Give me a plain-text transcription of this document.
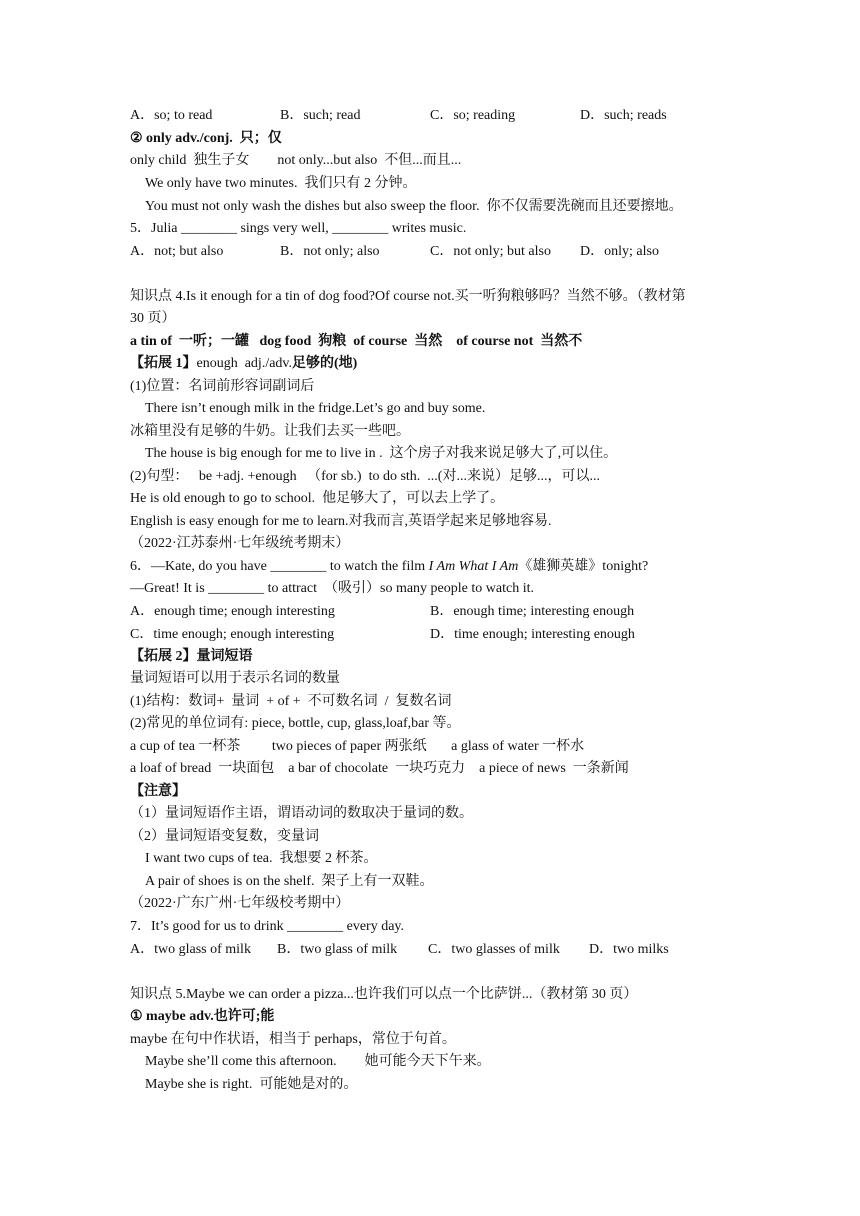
A．so; to read	B．such; read	C．so; reading	D．such; reads
② only adv./conj.  只；仅
only child  独生子女        not only...but also  不但...而且...
We only have two minutes.  我们只有 2 分钟。
You must not only wash the dishes but also sweep the floor.  你不仅需要洗碗而且还要擦地。
5．Julia ________ sings very well, ________ writes music.
A．not; but also	B．not only; also	C．not only; but also D．only; also
知识点 4.Is it enough for a tin of dog food?Of course not.买一听狗粮够吗？当然不够。（教材第
30 页）
a tin of  一听；一罐   dog food  狗粮  of course  当然    of course not  当然不
【拓展 1】enough  adj./adv.足够的(地)
(1)位置：名词前形容词副词后
There isn’t enough milk in the fridge.Let’s go and buy some.
冰箱里没有足够的牛奶。让我们去买一些吧。
The house is big enough for me to live in .  这个房子对我来说足够大了,可以住。
(2)句型：   be +adj. +enough   （for sb.)  to do sth.  ...(对...来说）足够...，可以...
He is old enough to go to school.  他足够大了，可以去上学了。
English is easy enough for me to learn.对我而言,英语学起来足够地容易.
（2022·江苏泰州·七年级统考期末）
6．—Kate, do you have ________ to watch the film I Am What I Am《雄狮英雄》tonight?
—Great! It is ________ to attract  （吸引）so many people to watch it.
A．enough time; enough interesting	B．enough time; interesting enough
C．time enough; enough interesting	D．time enough; interesting enough
【拓展 2】量词短语
量词短语可以用于表示名词的数量
(1)结构：数词+  量词  + of +  不可数名词  /  复数名词
(2)常见的单位词有: piece, bottle, cup, glass,loaf,bar 等。
a cup of tea 一杯茶         two pieces of paper 两张纸       a glass of water 一杯水
a loaf of bread  一块面包    a bar of chocolate  一块巧克力    a piece of news  一条新闻
【注意】
（1）量词短语作主语，谓语动词的数取决于量词的数。
（2）量词短语变复数，变量词
I want two cups of tea.  我想要 2 杯茶。
A pair of shoes is on the shelf.  架子上有一双鞋。
（2022·广东广州·七年级校考期中）
7．It’s good for us to drink ________ every day.
A．two glass of milk B．two glass of milk C．two glasses of milk D．two milks
知识点 5.Maybe we can order a pizza...也许我们可以点一个比萨饼...（教材第 30 页）
① maybe adv.也许可;能
maybe 在句中作状语，相当于 perhaps，常位于句首。
Maybe she’ll come this afternoon.        她可能今天下午来。
Maybe she is right.  可能她是对的。
